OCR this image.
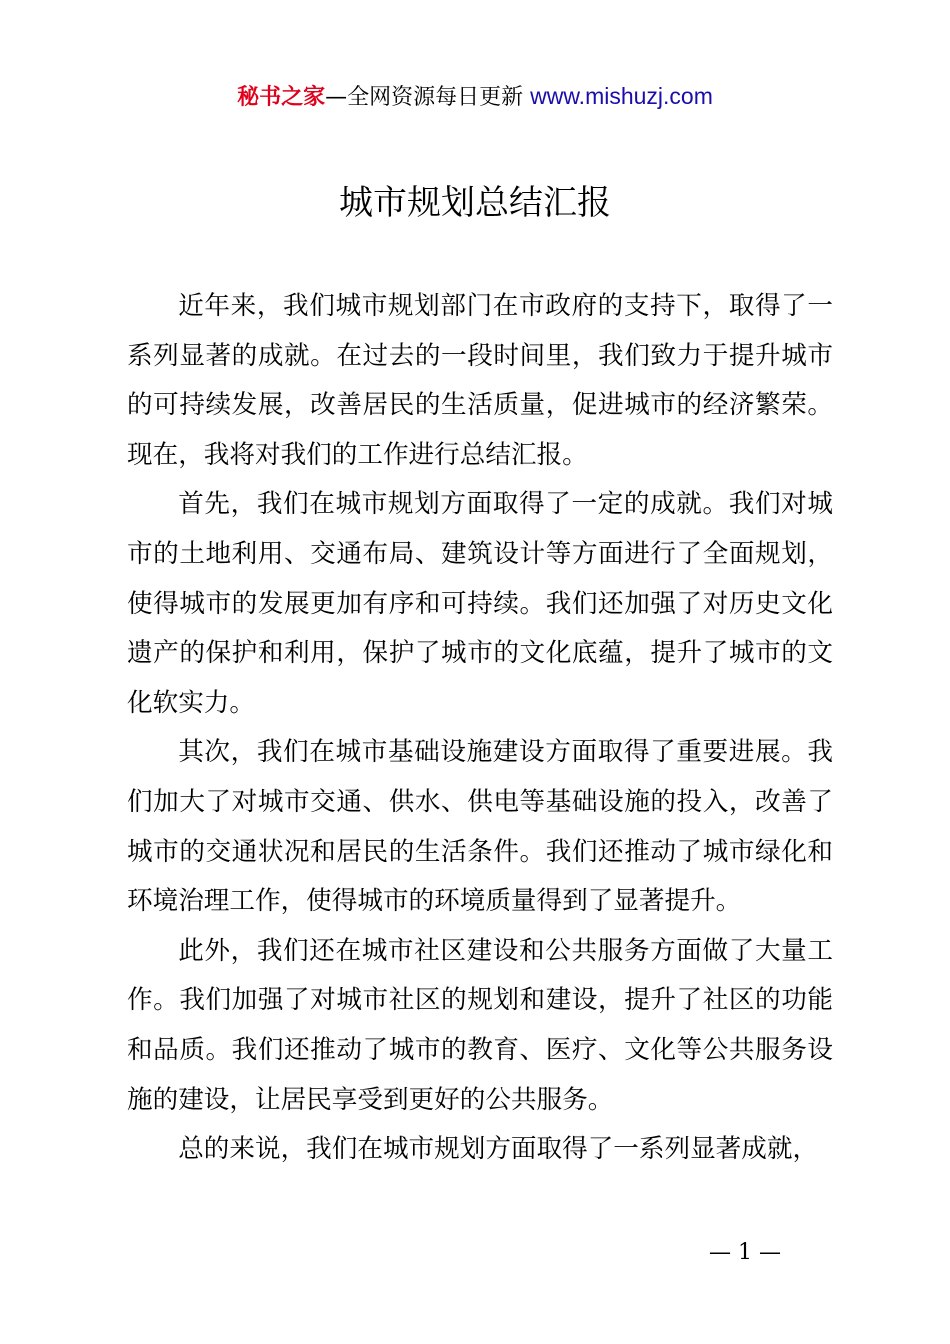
秘书之家—全网资源每日更新 www.mishuzj.com
城市规划总结汇报

近年来，我们城市规划部门在市政府的支持下，取得了一系列显著的成就。在过去的一段时间里，我们致力于提升城市的可持续发展，改善居民的生活质量，促进城市的经济繁荣。现在，我将对我们的工作进行总结汇报。

首先，我们在城市规划方面取得了一定的成就。我们对城市的土地利用、交通布局、建筑设计等方面进行了全面规划，使得城市的发展更加有序和可持续。我们还加强了对历史文化遗产的保护和利用，保护了城市的文化底蕴，提升了城市的文化软实力。

其次，我们在城市基础设施建设方面取得了重要进展。我们加大了对城市交通、供水、供电等基础设施的投入，改善了城市的交通状况和居民的生活条件。我们还推动了城市绿化和环境治理工作，使得城市的环境质量得到了显著提升。

此外，我们还在城市社区建设和公共服务方面做了大量工作。我们加强了对城市社区的规划和建设，提升了社区的功能和品质。我们还推动了城市的教育、医疗、文化等公共服务设施的建设，让居民享受到更好的公共服务。

总的来说，我们在城市规划方面取得了一系列显著成就，

— 1 —
